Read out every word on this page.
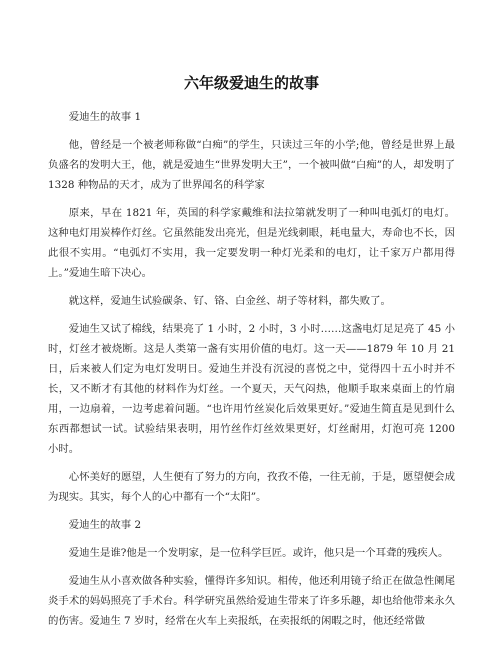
六年级爱迪生的故事

爱迪生的故事 1

他，曾经是一个被老师称做“白痴”的学生，只读过三年的小学;他，曾经是世界上最负盛名的发明大王，他，就是爱迪生“世界发明大王”，一个被叫做“白痴”的人，却发明了 1328 种物品的天才，成为了世界闻名的科学家

原来，早在 1821 年，英国的科学家戴维和法拉第就发明了一种叫电弧灯的电灯。这种电灯用炭棒作灯丝。它虽然能发出亮光，但是光线刺眼，耗电量大，寿命也不长，因此很不实用。“电弧灯不实用，我一定要发明一种灯光柔和的电灯，让千家万户都用得上。”爱迪生暗下决心。

就这样，爱迪生试验碳条、钌、铬、白金丝、胡子等材料，都失败了。

爱迪生又试了棉线，结果亮了 1 小时，2 小时，3 小时……这盏电灯足足亮了 45 小时，灯丝才被烧断。这是人类第一盏有实用价值的电灯。这一天——1879 年 10 月 21 日，后来被人们定为电灯发明日。爱迪生并没有沉浸的喜悦之中，觉得四十五小时并不长，又不断才有其他的材料作为灯丝。一个夏天，天气闷热，他顺手取来桌面上的竹扇用，一边扇着，一边考虑着问题。“也许用竹丝炭化后效果更好。”爱迪生简直是见到什么东西都想试一试。试验结果表明，用竹丝作灯丝效果更好，灯丝耐用，灯泡可亮 1200 小时。

心怀美好的愿望，人生便有了努力的方向，孜孜不倦，一往无前，于是，愿望便会成为现实。其实，每个人的心中都有一个“太阳”。

爱迪生的故事 2

爱迪生是谁?他是一个发明家，是一位科学巨匠。或许，他只是一个耳聋的残疾人。

爱迪生从小喜欢做各种实验，懂得许多知识。相传，他还利用镜子给正在做急性阑尾炎手术的妈妈照亮了手术台。科学研究虽然给爱迪生带来了许多乐趣，却也给他带来永久的伤害。爱迪生 7 岁时，经常在火车上卖报纸，在卖报纸的闲暇之时，他还经常做
